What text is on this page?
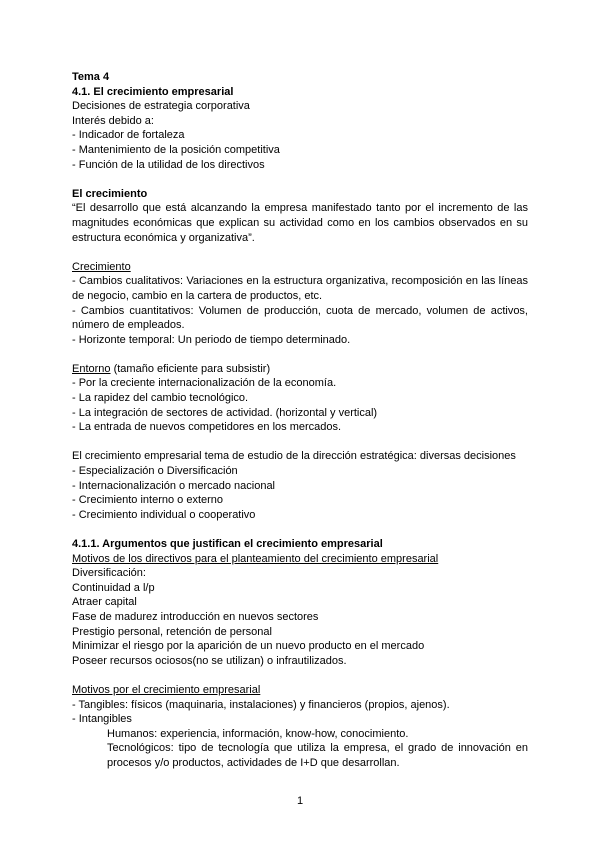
Tema 4

4.1. El crecimiento empresarial

Decisiones de estrategia corporativa

Interés debido a:

- Indicador de fortaleza

- Mantenimiento de la posición competitiva

- Función de la utilidad de los directivos

El crecimiento

“El desarrollo que está alcanzando la empresa manifestado tanto por el incremento de las magnitudes económicas que explican su actividad como en los cambios observados en su estructura económica y organizativa”.

Crecimiento

- Cambios cualitativos: Variaciones en la estructura organizativa, recomposición en las líneas de negocio, cambio en la cartera de productos, etc.

- Cambios cuantitativos: Volumen de producción, cuota de mercado, volumen de activos, número de empleados.

- Horizonte temporal: Un periodo de tiempo determinado.

Entorno (tamaño eficiente para subsistir)

- Por la creciente internacionalización de la economía.

- La rapidez del cambio tecnológico.

- La integración de sectores de actividad. (horizontal y vertical)

- La entrada de nuevos competidores en los mercados.

El crecimiento empresarial tema de estudio de la dirección estratégica: diversas decisiones

- Especialización o Diversificación

- Internacionalización o mercado nacional

- Crecimiento interno o externo

- Crecimiento individual o cooperativo

4.1.1. Argumentos que justifican el crecimiento empresarial

Motivos de los directivos para el planteamiento del crecimiento empresarial

Diversificación:

Continuidad a l/p

Atraer capital

Fase de madurez introducción en nuevos sectores

Prestigio personal, retención de personal

Minimizar el riesgo por la aparición de un nuevo producto en el mercado

Poseer recursos ociosos(no se utilizan) o infrautilizados.

Motivos por el crecimiento empresarial

- Tangibles: físicos (maquinaria, instalaciones) y financieros (propios, ajenos).

- Intangibles

Humanos: experiencia, información, know-how, conocimiento.

Tecnológicos: tipo de tecnología que utiliza la empresa, el grado de innovación en procesos y/o productos, actividades de I+D que desarrollan.

1
